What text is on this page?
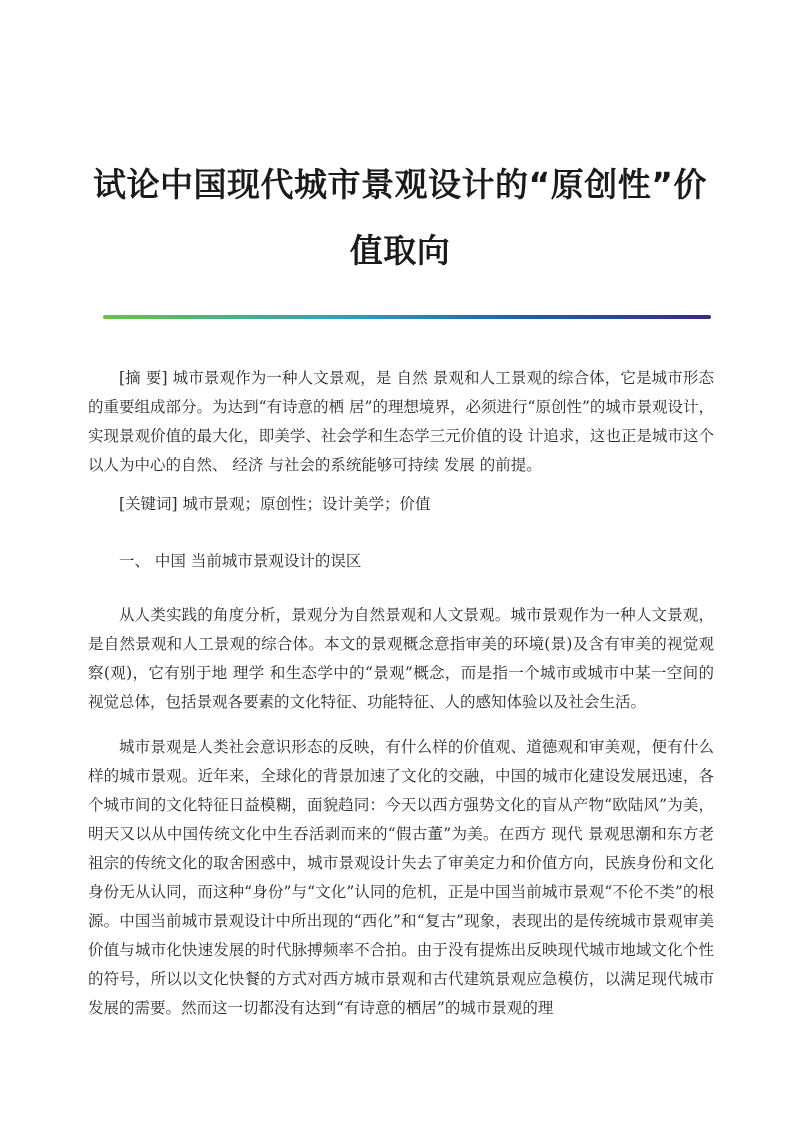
试论中国现代城市景观设计的“原创性”价
值取向
[摘 要] 城市景观作为一种人文景观，是 自然 景观和人工景观的综合体，它是城市形态的重要组成部分。为达到“有诗意的栖 居”的理想境界，必须进行“原创性”的城市景观设计，实现景观价值的最大化，即美学、社会学和生态学三元价值的设 计追求，这也正是城市这个以人为中心的自然、 经济 与社会的系统能够可持续 发展 的前提。
[关键词] 城市景观；原创性；设计美学；价值
一、 中国 当前城市景观设计的误区
从人类实践的角度分析，景观分为自然景观和人文景观。城市景观作为一种人文景观，是自然景观和人工景观的综合体。本文的景观概念意指审美的环境(景)及含有审美的视觉观察(观)，它有别于地 理学 和生态学中的“景观”概念，而是指一个城市或城市中某一空间的视觉总体，包括景观各要素的文化特征、功能特征、人的感知体验以及社会生活。
城市景观是人类社会意识形态的反映，有什么样的价值观、道德观和审美观，便有什么样的城市景观。近年来，全球化的背景加速了文化的交融，中国的城市化建设发展迅速，各个城市间的文化特征日益模糊，面貌趋同：今天以西方强势文化的盲从产物“欧陆风”为美，明天又以从中国传统文化中生吞活剥而来的“假古董”为美。在西方 现代 景观思潮和东方老祖宗的传统文化的取舍困惑中，城市景观设计失去了审美定力和价值方向，民族身份和文化身份无从认同，而这种“身份”与“文化”认同的危机，正是中国当前城市景观“不伦不类”的根源。中国当前城市景观设计中所出现的“西化”和“复古”现象，表现出的是传统城市景观审美价值与城市化快速发展的时代脉搏频率不合拍。由于没有提炼出反映现代城市地域文化个性的符号，所以以文化快餐的方式对西方城市景观和古代建筑景观应急模仿，以满足现代城市发展的需要。然而这一切都没有达到“有诗意的栖居”的城市景观的理
